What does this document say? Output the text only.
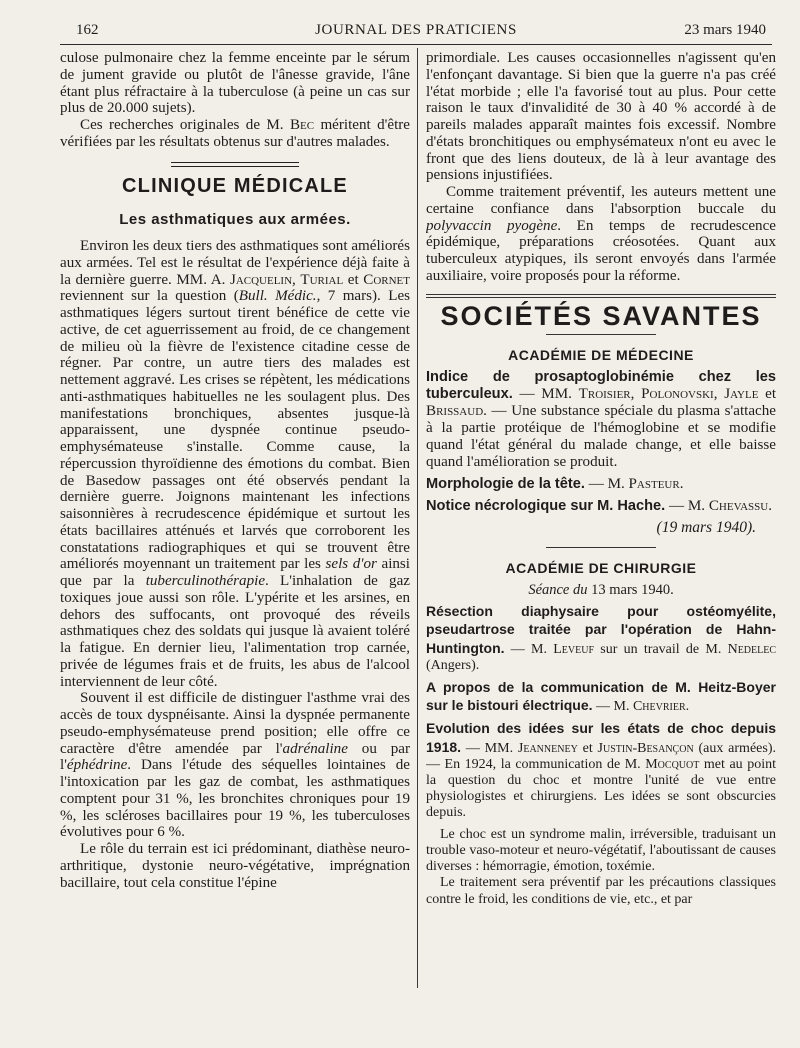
162	JOURNAL DES PRATICIENS	23 mars 1940

culose pulmonaire chez la femme enceinte par le sérum de jument gravide ou plutôt de l'ânesse gravide, l'âne étant plus réfractaire à la tuberculose (à peine un cas sur plus de 20.000 sujets).

Ces recherches originales de M. Bec méritent d'être vérifiées par les résultats obtenus sur d'autres malades.

CLINIQUE MÉDICALE
Les asthmatiques aux armées.

Environ les deux tiers des asthmatiques sont améliorés aux armées. Tel est le résultat de l'expérience déjà faite à la dernière guerre. MM. A. Jacquelin, Turial et Cornet reviennent sur la question (Bull. Médic., 7 mars). Les asthmatiques légers surtout tirent bénéfice de cette vie active, de cet aguerrissement au froid, de ce changement de milieu où la fièvre de l'existence citadine cesse de régner. Par contre, un autre tiers des malades est nettement aggravé. Les crises se répètent, les médications anti-asthmatiques habituelles ne les soulagent plus. Des manifestations bronchiques, absentes jusque-là apparaissent, une dyspnée continue pseudo-emphysémateuse s'installe. Comme cause, la répercussion thyroïdienne des émotions du combat. Bien de Basedow passages ont été observés pendant la dernière guerre. Joignons maintenant les infections saisonnières à recrudescence épidémique et surtout les états bacillaires atténués et larvés que corroborent les constatations radiographiques et qui se trouvent être améliorés moyennant un traitement par les sels d'or ainsi que par la tuberculinothérapie. L'inhalation de gaz toxiques joue aussi son rôle. L'ypérite et les arsines, en dehors des suffocants, ont provoqué des réveils asthmatiques chez des soldats qui jusque là avaient toléré la fatigue. En dernier lieu, l'alimentation trop carnée, privée de légumes frais et de fruits, les abus de l'alcool interviennent de leur côté.

Souvent il est difficile de distinguer l'asthme vrai des accès de toux dyspnéisante. Ainsi la dyspnée permanente pseudo-emphysémateuse prend position; elle offre ce caractère d'être amendée par l'adrénaline ou par l'éphédrine. Dans l'étude des séquelles lointaines de l'intoxication par les gaz de combat, les asthmatiques comptent pour 31 %, les bronchites chroniques pour 19 %, les scléroses bacillaires pour 19 %, les tuberculoses évolutives pour 6 %.

Le rôle du terrain est ici prédominant, diathèse neuro-arthritique, dystonie neuro-végétative, imprégnation bacillaire, tout cela constitue l'épine

primordiale. Les causes occasionnelles n'agissent qu'en l'enfonçant davantage. Si bien que la guerre n'a pas créé l'état morbide ; elle l'a favorisé tout au plus. Pour cette raison le taux d'invalidité de 30 à 40 % accordé à de pareils malades apparaît maintes fois excessif. Nombre d'états bronchitiques ou emphysémateux n'ont eu avec le front que des liens douteux, de là à leur avantage des pensions injustifiées.

Comme traitement préventif, les auteurs mettent une certaine confiance dans l'absorption buccale du polyvaccin pyogène. En temps de recrudescence épidémique, préparations créosotées. Quant aux tuberculeux atypiques, ils seront envoyés dans l'armée auxiliaire, voire proposés pour la réforme.

SOCIÉTÉS SAVANTES
ACADÉMIE DE MÉDECINE
Indice de prosaptoglobinémie chez les tuberculeux. — MM. Troisier, Polonovski, Jayle et Brissaud. — Une substance spéciale du plasma s'attache à la partie protéique de l'hémoglobine et se modifie quand l'état général du malade change, et elle baisse quand l'amélioration se produit.
Morphologie de la tête. — M. Pasteur.
Notice nécrologique sur M. Hache. — M. Chevassu.
(19 mars 1940).
ACADÉMIE DE CHIRURGIE
Séance du 13 mars 1940.
Résection diaphysaire pour ostéomyélite, pseudartrose traitée par l'opération de Hahn-Huntington. — M. Leveuf sur un travail de M. Nedelec (Angers).
A propos de la communication de M. Heitz-Boyer sur le bistouri électrique. — M. Chevrier.
Evolution des idées sur les états de choc depuis 1918. — MM. Jeanneney et Justin-Besançon (aux armées). — En 1924, la communication de M. Mocquot met au point la question du choc et montre l'unité de vue entre physiologistes et chirurgiens. Les idées se sont obscurcies depuis.

Le choc est un syndrome malin, irréversible, traduisant un trouble vaso-moteur et neuro-végétatif, l'aboutissant de causes diverses : hémorragie, émotion, toxémie.

Le traitement sera préventif par les précautions classiques contre le froid, les conditions de vie, etc., et par
